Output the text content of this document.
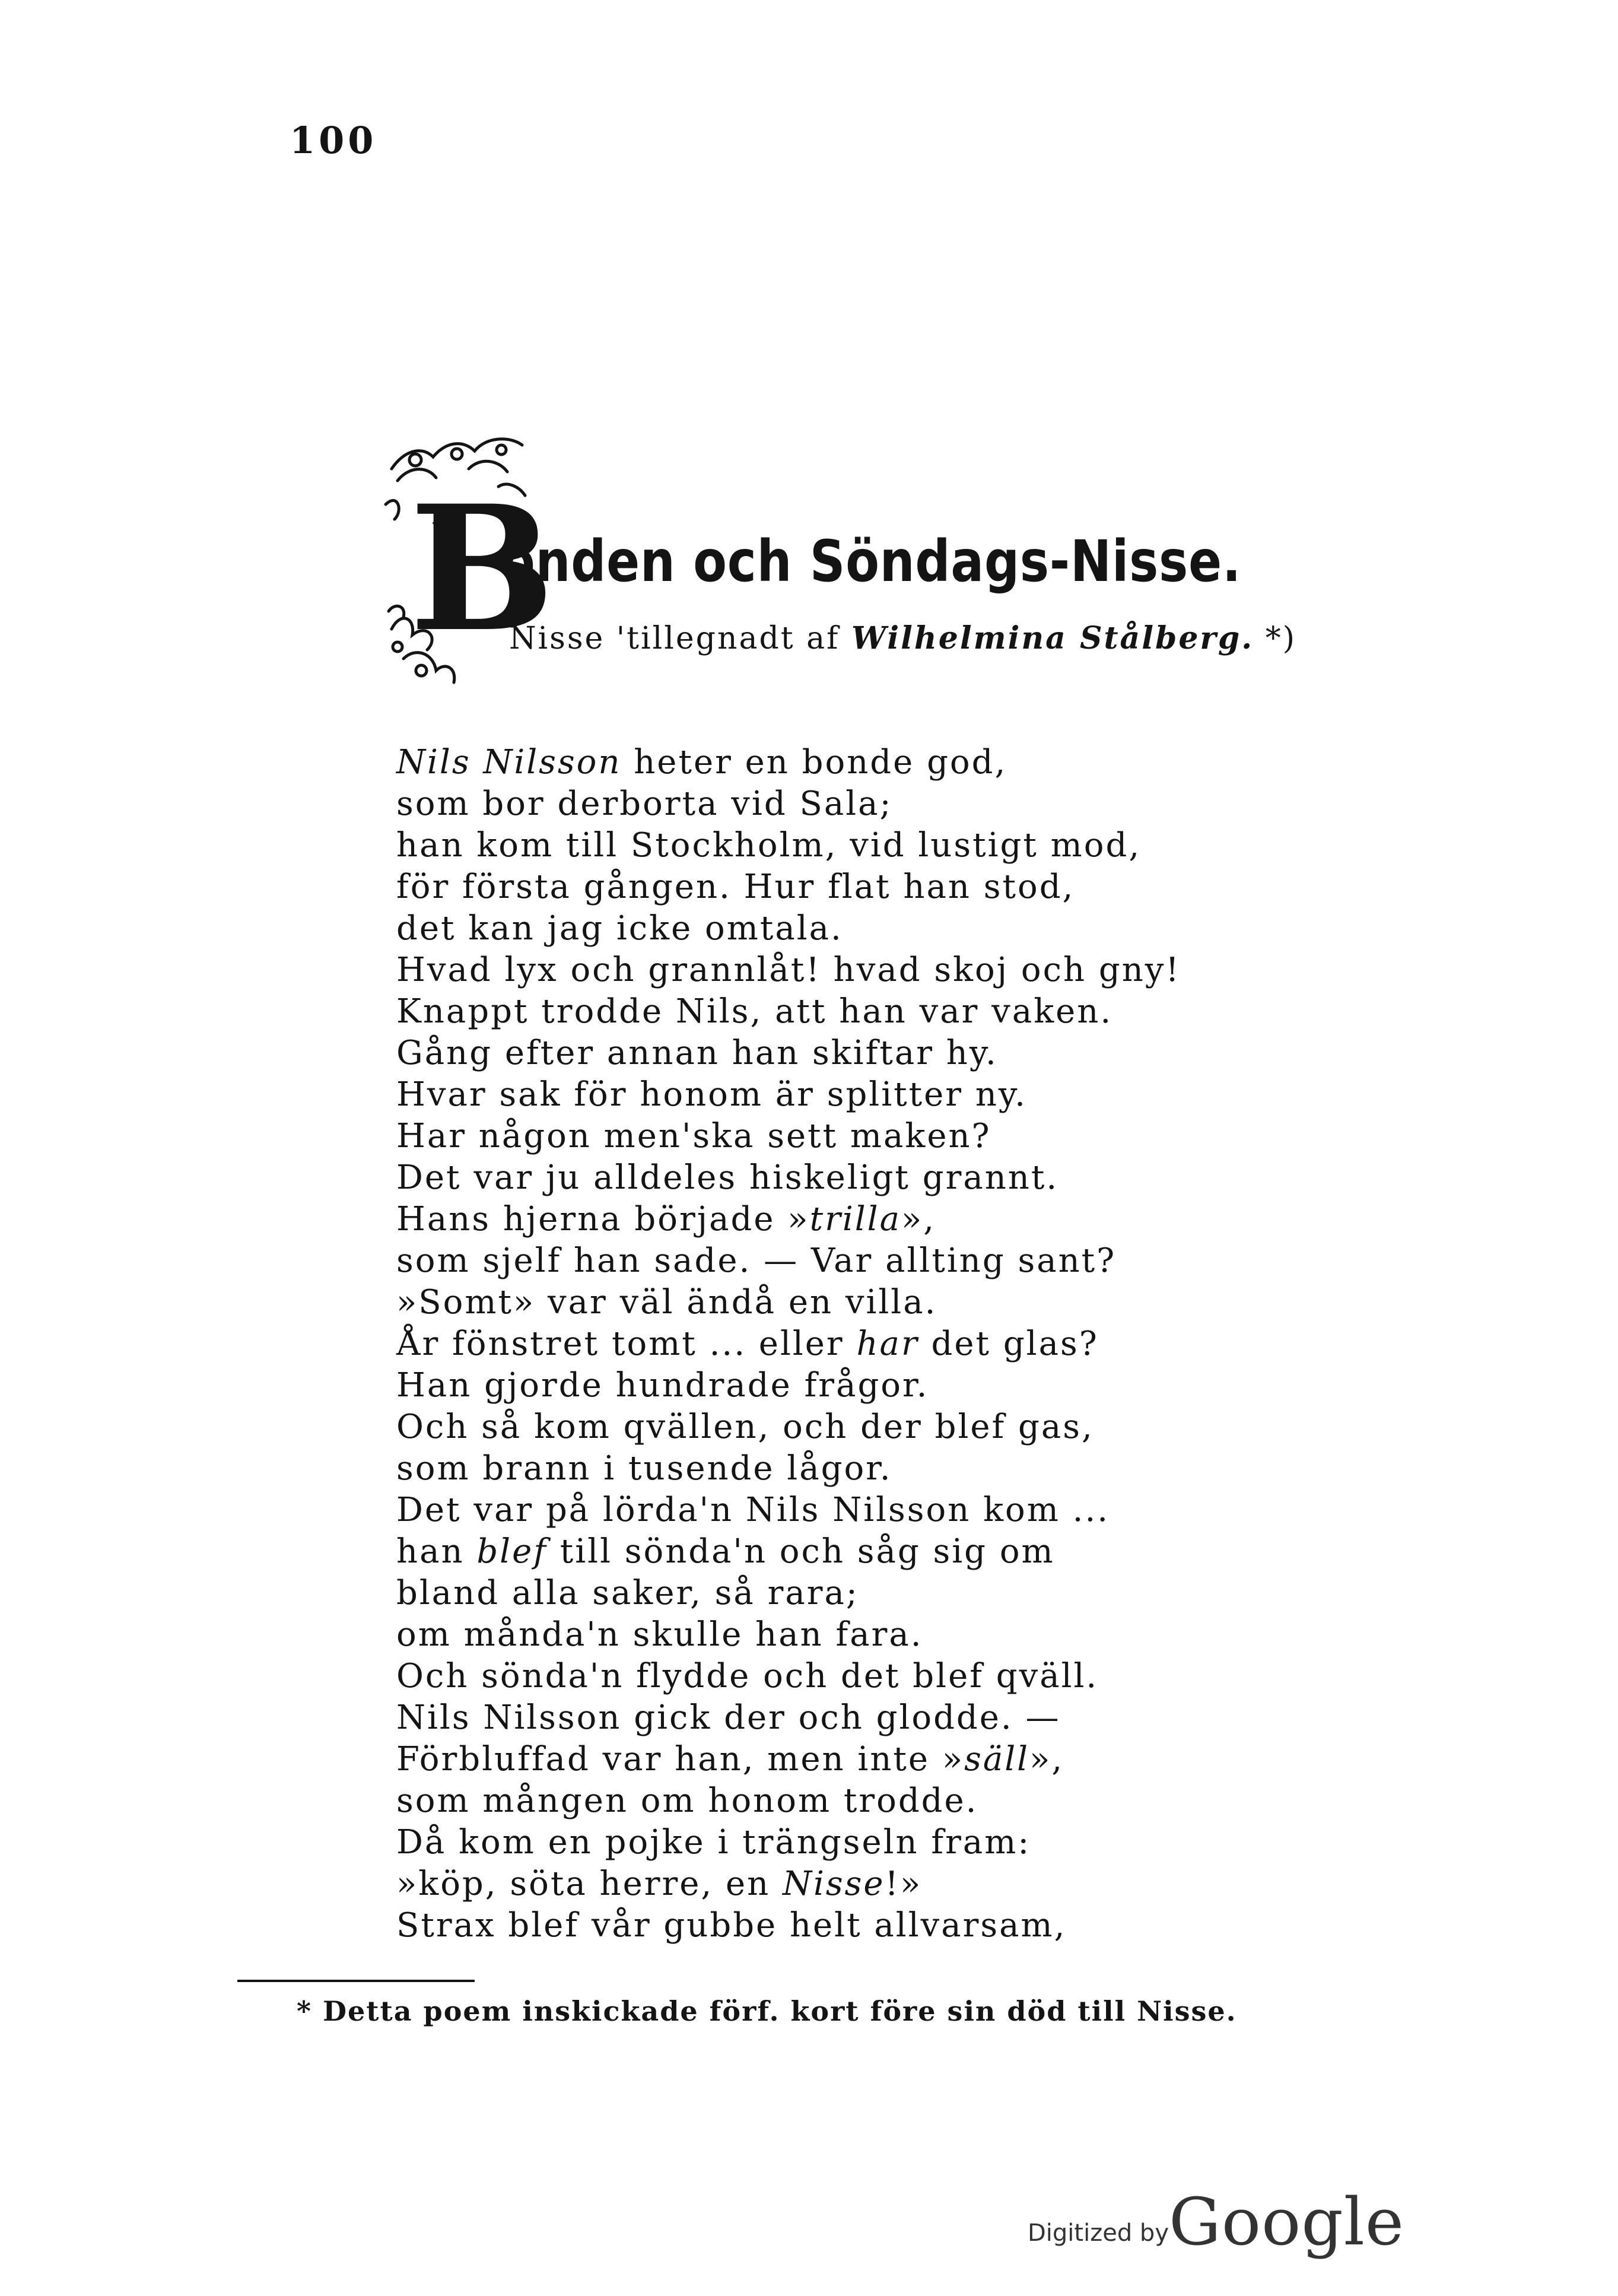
100
B
onden och Söndags-Nisse.
Nisse 'tillegnadt af Wilhelmina Stålberg. *)
Nils Nilsson heter en bonde god,
som bor derborta vid Sala;
han kom till Stockholm, vid lustigt mod,
för första gången. Hur flat han stod,
det kan jag icke omtala.
Hvad lyx och grannlåt! hvad skoj och gny!
Knappt trodde Nils, att han var vaken.
Gång efter annan han skiftar hy.
Hvar sak för honom är splitter ny.
Har någon men'ska sett maken?
Det var ju alldeles hiskeligt grannt.
Hans hjerna började »trilla»,
som sjelf han sade. — Var allting sant?
»Somt» var väl ändå en villa.
År fönstret tomt ... eller har det glas?
Han gjorde hundrade frågor.
Och så kom qvällen, och der blef gas,
som brann i tusende lågor.
Det var på lörda'n Nils Nilsson kom ...
han blef till sönda'n och såg sig om
bland alla saker, så rara;
om månda'n skulle han fara.
Och sönda'n flydde och det blef qväll.
Nils Nilsson gick der och glodde. —
Förbluffad var han, men inte »säll»,
som mången om honom trodde.
Då kom en pojke i trängseln fram:
»köp, söta herre, en Nisse!»
Strax blef vår gubbe helt allvarsam,
* Detta poem inskickade förf. kort före sin död till Nisse.
Digitized byGoogle
